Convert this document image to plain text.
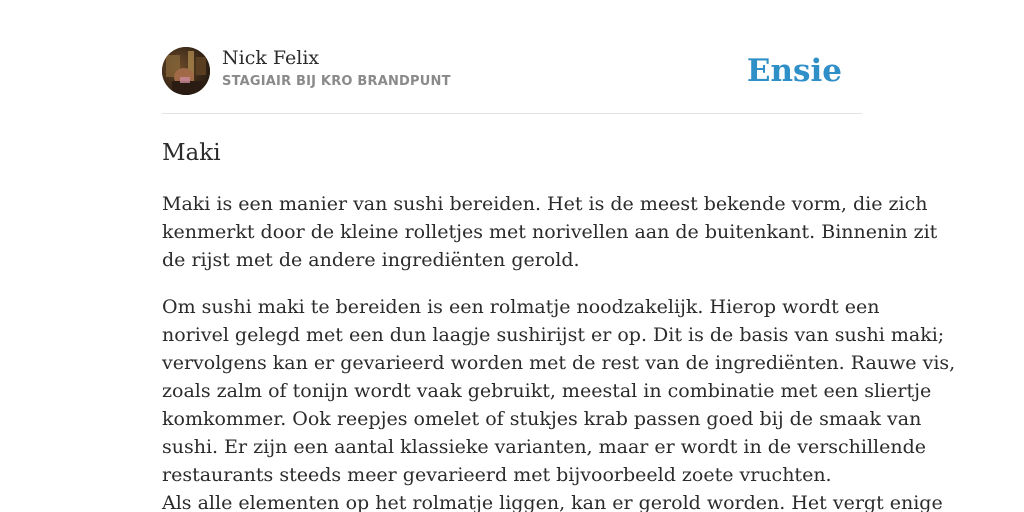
Nick Felix
STAGIAIR BIJ KRO BRANDPUNT	Ensie
Maki

Maki is een manier van sushi bereiden. Het is de meest bekende vorm, die zich
kenmerkt door de kleine rolletjes met norivellen aan de buitenkant. Binnenin zit
de rijst met de andere ingrediënten gerold.

Om sushi maki te bereiden is een rolmatje noodzakelijk. Hierop wordt een
norivel gelegd met een dun laagje sushirijst er op. Dit is de basis van sushi maki;
vervolgens kan er gevarieerd worden met de rest van de ingrediënten. Rauwe vis,
zoals zalm of tonijn wordt vaak gebruikt, meestal in combinatie met een sliertje
komkommer. Ook reepjes omelet of stukjes krab passen goed bij de smaak van
sushi. Er zijn een aantal klassieke varianten, maar er wordt in de verschillende
restaurants steeds meer gevarieerd met bijvoorbeeld zoete vruchten.
Als alle elementen op het rolmatje liggen, kan er gerold worden. Het vergt enige
